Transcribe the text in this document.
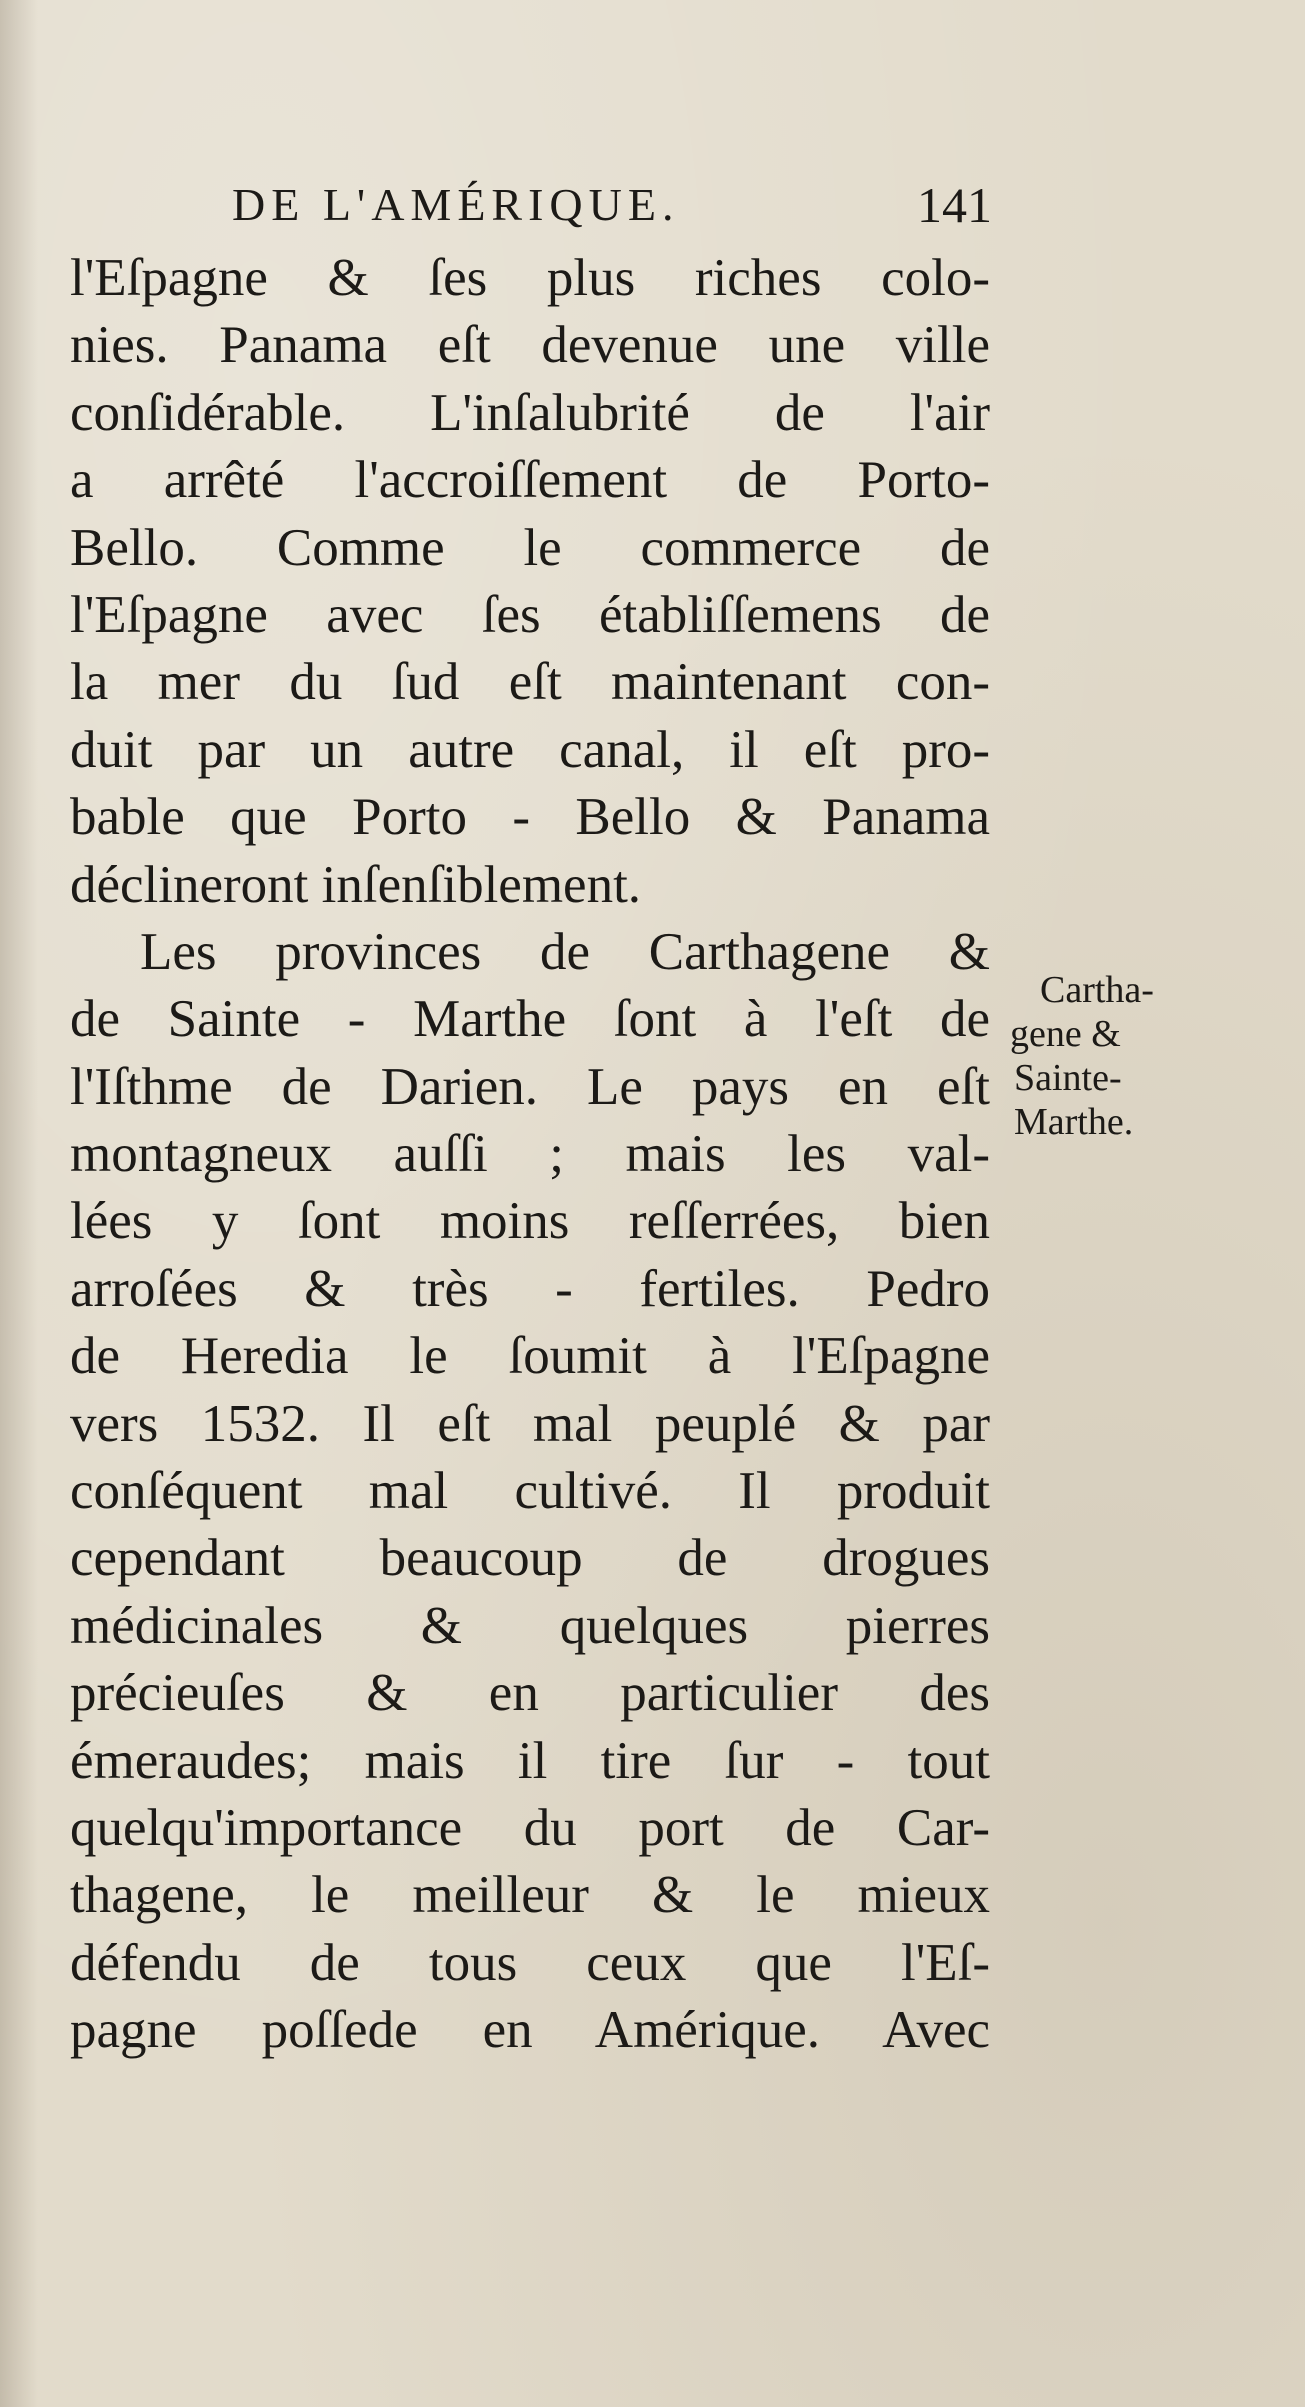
DE L'AMÉRIQUE.	141
l'Eſpagne & ſes plus riches colo-
nies. Panama eſt devenue une ville
conſidérable. L'inſalubrité de l'air
a arrêté l'accroiſſement de Porto-
Bello. Comme le commerce de
l'Eſpagne avec ſes établiſſemens de
la mer du ſud eſt maintenant con-
duit par un autre canal, il eſt pro-
bable que Porto - Bello & Panama
déclineront inſenſiblement.
Les provinces de Carthagene &
de Sainte - Marthe ſont à l'eſt de
l'Iſthme de Darien. Le pays en eſt
montagneux auſſi ; mais les val-
lées y ſont moins reſſerrées, bien
arroſées & très - fertiles. Pedro
de Heredia le ſoumit à l'Eſpagne
vers 1532. Il eſt mal peuplé & par
conſéquent mal cultivé. Il produit
cependant beaucoup de drogues
médicinales & quelques pierres
précieuſes & en particulier des
émeraudes; mais il tire ſur - tout
quelqu'importance du port de Car-
thagene, le meilleur & le mieux
défendu de tous ceux que l'Eſ-
pagne poſſede en Amérique. Avec
Cartha-
gene &
Sainte-
Marthe.
